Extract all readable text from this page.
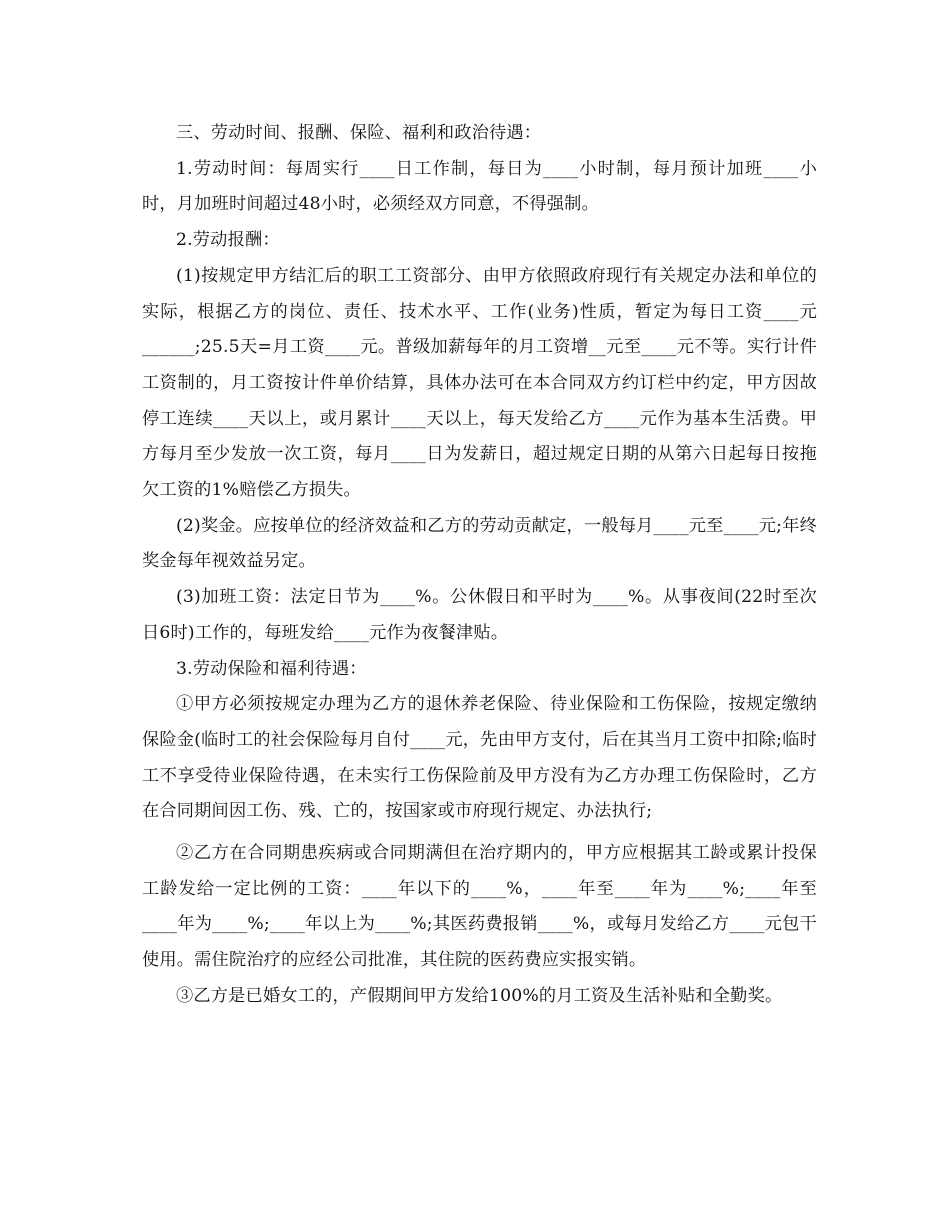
三、劳动时间、报酬、保险、福利和政治待遇：

1.劳动时间：每周实行____日工作制，每日为____小时制，每月预计加班____小时，月加班时间超过48小时，必须经双方同意，不得强制。

2.劳动报酬：

(1)按规定甲方结汇后的职工工资部分、由甲方依照政府现行有关规定办法和单位的实际，根据乙方的岗位、责任、技术水平、工作(业务)性质，暂定为每日工资____元______;25.5天=月工资____元。普级加薪每年的月工资增__元至____元不等。实行计件工资制的，月工资按计件单价结算，具体办法可在本合同双方约订栏中约定，甲方因故停工连续____天以上，或月累计____天以上，每天发给乙方____元作为基本生活费。甲方每月至少发放一次工资，每月____日为发薪日，超过规定日期的从第六日起每日按拖欠工资的1%赔偿乙方损失。

(2)奖金。应按单位的经济效益和乙方的劳动贡献定，一般每月____元至____元;年终奖金每年视效益另定。

(3)加班工资：法定日节为____%。公休假日和平时为____%。从事夜间(22时至次日6时)工作的，每班发给____元作为夜餐津贴。

3.劳动保险和福利待遇：

①甲方必须按规定办理为乙方的退休养老保险、待业保险和工伤保险，按规定缴纳保险金(临时工的社会保险每月自付____元，先由甲方支付，后在其当月工资中扣除;临时工不享受待业保险待遇，在未实行工伤保险前及甲方没有为乙方办理工伤保险时，乙方在合同期间因工伤、残、亡的，按国家或市府现行规定、办法执行;

②乙方在合同期患疾病或合同期满但在治疗期内的，甲方应根据其工龄或累计投保工龄发给一定比例的工资：____年以下的____%，____年至____年为____%;____年至____年为____%;____年以上为____%;其医药费报销____%，或每月发给乙方____元包干使用。需住院治疗的应经公司批准，其住院的医药费应实报实销。

③乙方是已婚女工的，产假期间甲方发给100%的月工资及生活补贴和全勤奖。
